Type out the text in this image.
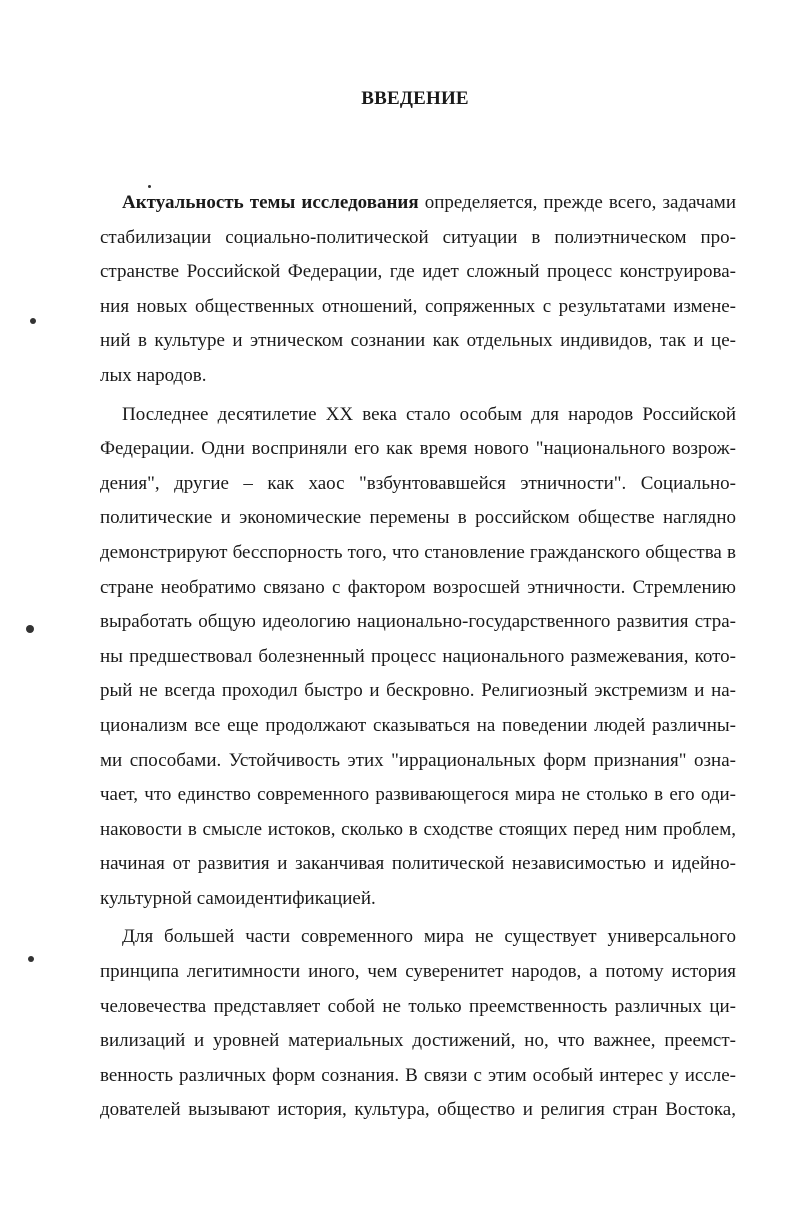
ВВЕДЕНИЕ
Актуальность темы исследования определяется, прежде всего, задачами
стабилизации социально-политической ситуации в полиэтническом про-
странстве Российской Федерации, где идет сложный процесс конструирова-
ния новых общественных отношений, сопряженных с результатами измене-
ний в культуре и этническом сознании как отдельных индивидов, так и це-
лых народов.
Последнее десятилетие XX века стало особым для народов Российской
Федерации. Одни восприняли его как время нового "национального возрож-
дения", другие – как хаос "взбунтовавшейся этничности". Социально-
политические и экономические перемены в российском обществе наглядно
демонстрируют бесспорность того, что становление гражданского общества в
стране необратимо связано с фактором возросшей этничности. Стремлению
выработать общую идеологию национально-государственного развития стра-
ны предшествовал болезненный процесс национального размежевания, кото-
рый не всегда проходил быстро и бескровно. Религиозный экстремизм и на-
ционализм все еще продолжают сказываться на поведении людей различны-
ми способами. Устойчивость этих "иррациональных форм признания" озна-
чает, что единство современного развивающегося мира не столько в его оди-
наковости в смысле истоков, сколько в сходстве стоящих перед ним проблем,
начиная от развития и заканчивая политической независимостью и идейно-
культурной самоидентификацией.
Для большей части современного мира не существует универсального
принципа легитимности иного, чем суверенитет народов, а потому история
человечества представляет собой не только преемственность различных ци-
вилизаций и уровней материальных достижений, но, что важнее, преемст-
венность различных форм сознания. В связи с этим особый интерес у иссле-
дователей вызывают история, культура, общество и религия стран Востока,
